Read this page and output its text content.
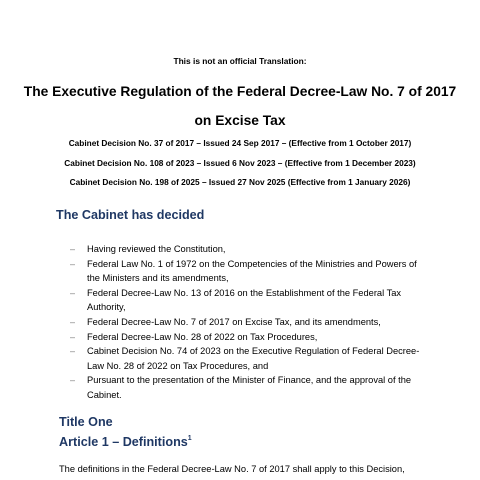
This is not an official Translation:

The Executive Regulation of the Federal Decree-Law No. 7 of 2017 on Excise Tax
Cabinet Decision No. 37 of 2017 – Issued 24 Sep 2017 – (Effective from 1 October 2017)
Cabinet Decision No. 108 of 2023 – Issued 6 Nov 2023 – (Effective from 1 December 2023)
Cabinet Decision No. 198 of 2025 – Issued 27 Nov 2025 (Effective from 1 January 2026)
The Cabinet has decided
– Having reviewed the Constitution,
– Federal Law No. 1 of 1972 on the Competencies of the Ministries and Powers of the Ministers and its amendments,
– Federal Decree-Law No. 13 of 2016 on the Establishment of the Federal Tax Authority,
– Federal Decree-Law No. 7 of 2017 on Excise Tax, and its amendments,
– Federal Decree-Law No. 28 of 2022 on Tax Procedures,
– Cabinet Decision No. 74 of 2023 on the Executive Regulation of Federal Decree-Law No. 28 of 2022 on Tax Procedures, and
– Pursuant to the presentation of the Minister of Finance, and the approval of the Cabinet.
Title One
Article 1 – Definitions$^1$

The definitions in the Federal Decree-Law No. 7 of 2017 shall apply to this Decision,
